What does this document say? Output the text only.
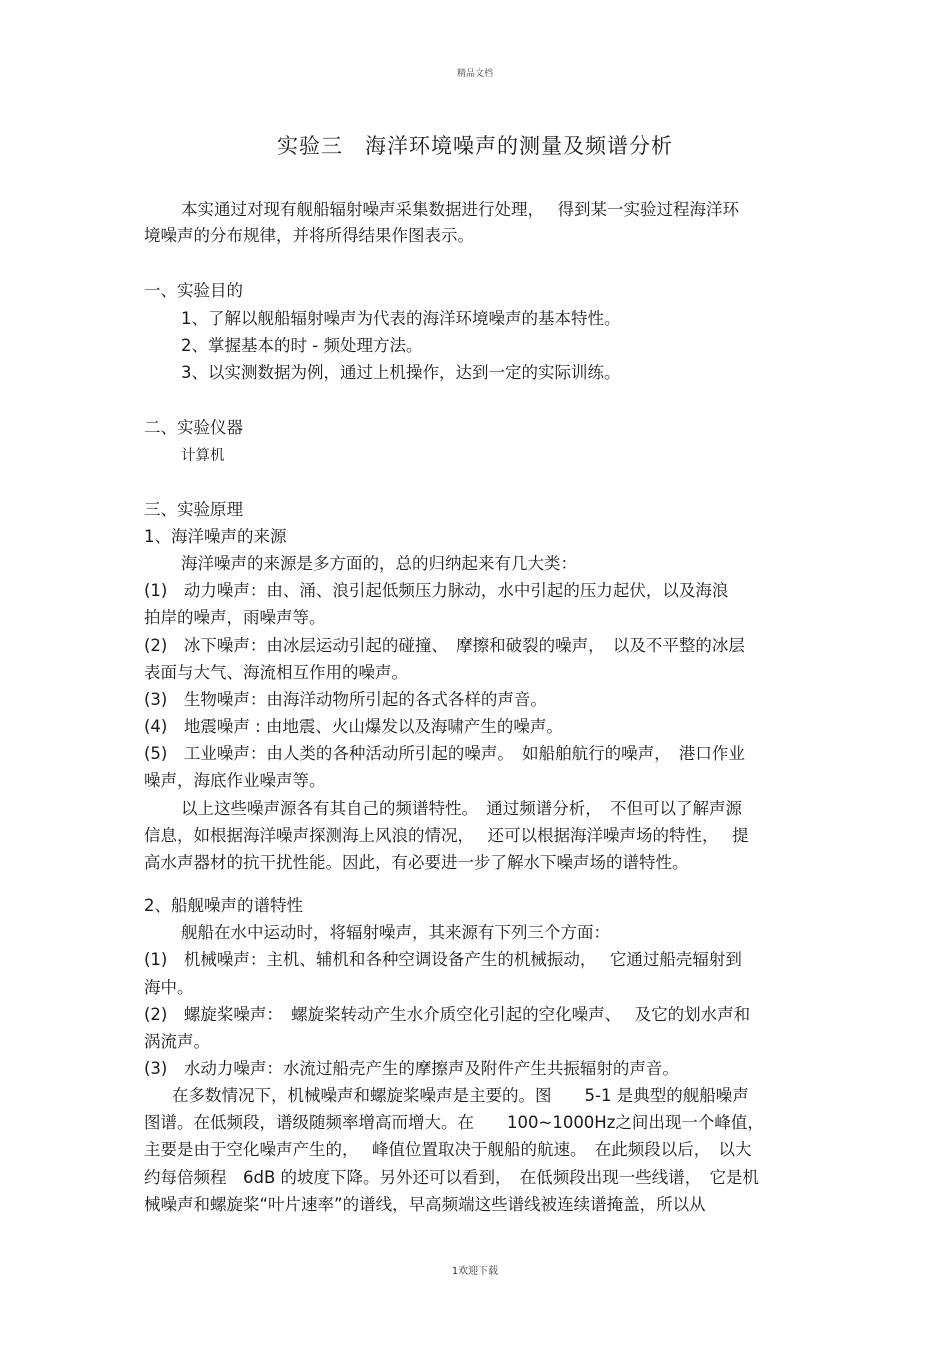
精品文档
实验三　海洋环境噪声的测量及频谱分析
本实通过对现有舰船辐射噪声采集数据进行处理，　 得到某一实验过程海洋环
境噪声的分布规律，并将所得结果作图表示。
一、实验目的
1、了解以舰船辐射噪声为代表的海洋环境噪声的基本特性。
2、掌握基本的时 - 频处理方法。
3、以实测数据为例，通过上机操作，达到一定的实际训练。
二、实验仪器
计算机
三、实验原理
1、海洋噪声的来源
海洋噪声的来源是多方面的，总的归纳起来有几大类：
(1)　动力噪声：由、涌、浪引起低频压力脉动，水中引起的压力起伏，以及海浪
拍岸的噪声，雨噪声等。
(2)　冰下噪声：由冰层运动引起的碰撞、　摩擦和破裂的噪声，　以及不平整的冰层
表面与大气、海流相互作用的噪声。
(3)　生物噪声：由海洋动物所引起的各式各样的声音。
(4)　地震噪声 : 由地震、火山爆发以及海啸产生的噪声。
(5)　工业噪声：由人类的各种活动所引起的噪声。　如船舶航行的噪声，　港口作业
噪声，海底作业噪声等。
以上这些噪声源各有其自己的频谱特性。　通过频谱分析，　不但可以了解声源
信息，如根据海洋噪声探测海上风浪的情况，　 还可以根据海洋噪声场的特性，　 提
高水声器材的抗干扰性能。因此，有必要进一步了解水下噪声场的谱特性。
2、船舰噪声的谱特性
舰船在水中运动时，将辐射噪声，其来源有下列三个方面：
(1)　机械噪声：主机、辅机和各种空调设备产生的机械振动，　 它通过船壳辐射到
海中。
(2)　螺旋桨噪声：　螺旋桨转动产生水介质空化引起的空化噪声、　 及它的划水声和
涡流声。
(3)　水动力噪声：水流过船壳产生的摩擦声及附件产生共振辐射的声音。
在多数情况下，机械噪声和螺旋桨噪声是主要的。图　　5-1 是典型的舰船噪声
图谱。在低频段，谱级随频率增高而增大。在　　100~1000Hz之间出现一个峰值，
主要是由于空化噪声产生的，　 峰值位置取决于舰船的航速。　在此频段以后，　以大
约每倍频程　6dB 的坡度下降。另外还可以看到，　在低频段出现一些线谱，　它是机
械噪声和螺旋桨“叶片速率”的谱线，早高频端这些谱线被连续谱掩盖，所以从
1欢迎下载
